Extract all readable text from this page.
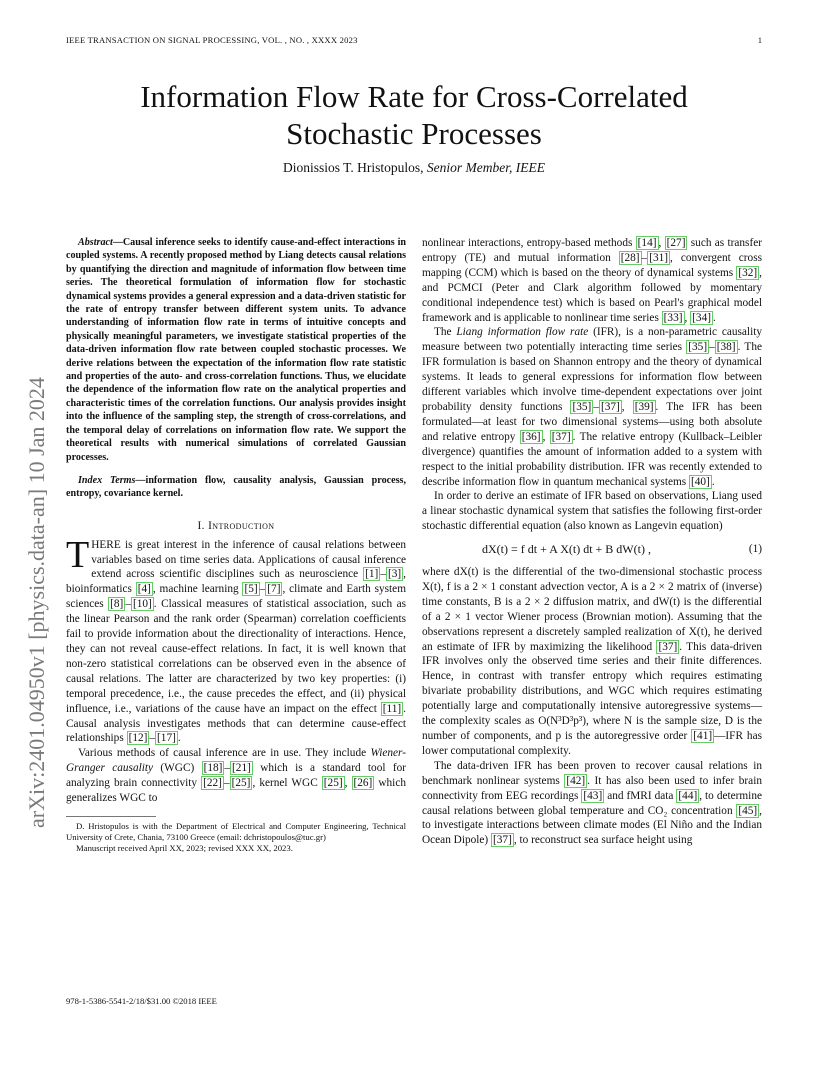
IEEE TRANSACTION ON SIGNAL PROCESSING, VOL. , NO. , XXXX 2023	1
arXiv:2401.04950v1 [physics.data-an] 10 Jan 2024
Information Flow Rate for Cross-Correlated
Stochastic Processes
Dionissios T. Hristopulos, Senior Member, IEEE

Abstract—Causal inference seeks to identify cause-and-effect interactions in coupled systems. A recently proposed method by Liang detects causal relations by quantifying the direction and magnitude of information flow between time series. The theoretical formulation of information flow for stochastic dynamical systems provides a general expression and a data-driven statistic for the rate of entropy transfer between different system units. To advance understanding of information flow rate in terms of intuitive concepts and physically meaningful parameters, we investigate statistical properties of the data-driven information flow rate between coupled stochastic processes. We derive relations between the expectation of the information flow rate statistic and properties of the auto- and cross-correlation functions. Thus, we elucidate the dependence of the information flow rate on the analytical properties and characteristic times of the correlation functions. Our analysis provides insight into the influence of the sampling step, the strength of cross-correlations, and the temporal delay of correlations on information flow rate. We support the theoretical results with numerical simulations of correlated Gaussian processes.

Index Terms—information flow, causality analysis, Gaussian process, entropy, covariance kernel.

I. Introduction

THERE is great interest in the inference of causal relations between variables based on time series data. Applications of causal inference extend across scientific disciplines such as neuroscience [1] – [3] , bioinformatics [4] , machine learning [5] – [7] , climate and Earth system sciences [8] – [10] . Classical measures of statistical association, such as the linear Pearson and the rank order (Spearman) correlation coefficients fail to provide information about the directionality of interactions. Hence, they can not reveal cause-effect relations. In fact, it is well known that non-zero statistical correlations can be observed even in the absence of causal relations. The latter are characterized by two key properties: (i) temporal precedence, i.e., the cause precedes the effect, and (ii) physical influence, i.e., variations of the cause have an impact on the effect [11] . Causal analysis investigates methods that can determine cause-effect relationships [12] – [17] .

Various methods of causal inference are in use. They include Wiener-Granger causality (WGC) [18] – [21] which is a standard tool for analyzing brain connectivity [22] – [25] , kernel WGC [25] , [26] which generalizes WGC to

D. Hristopulos is with the Department of Electrical and Computer Engineering, Technical University of Crete, Chania, 73100 Greece (email: dchristopoulos@tuc.gr)

Manuscript received April XX, 2023; revised XXX XX, 2023.

nonlinear interactions, entropy-based methods [14] , [27] such as transfer entropy (TE) and mutual information [28] – [31] , convergent cross mapping (CCM) which is based on the theory of dynamical systems [32] , and PCMCI (Peter and Clark algorithm followed by momentary conditional independence test) which is based on Pearl's graphical model framework and is applicable to nonlinear time series [33] , [34] .

The Liang information flow rate (IFR), is a non-parametric causality measure between two potentially interacting time series [35] – [38] . The IFR formulation is based on Shannon entropy and the theory of dynamical systems. It leads to general expressions for information flow between different variables which involve time-dependent expectations over joint probability density functions [35] – [37] , [39] . The IFR has been formulated—at least for two dimensional systems—using both absolute and relative entropy [36] , [37] . The relative entropy (Kullback–Leibler divergence) quantifies the amount of information added to a system with respect to the initial probability distribution. IFR was recently extended to describe information flow in quantum mechanical systems [40] .

In order to derive an estimate of IFR based on observations, Liang used a linear stochastic dynamical system that satisfies the following first-order stochastic differential equation (also known as Langevin equation)

dX(t) = f dt + A X(t) dt + B dW(t) ,	(1)

where dX(t) is the differential of the two-dimensional stochastic process X(t), f is a 2 × 1 constant advection vector, A is a 2 × 2 matrix of (inverse) time constants, B is a 2 × 2 diffusion matrix, and dW(t) is the differential of a 2 × 1 vector Wiener process (Brownian motion). Assuming that the observations represent a discretely sampled realization of X(t), he derived an estimate of IFR by maximizing the likelihood [37] . This data-driven IFR involves only the observed time series and their finite differences. Hence, in contrast with transfer entropy which requires estimating bivariate probability distributions, and WGC which requires estimating potentially large and computationally intensive autoregressive systems—the complexity scales as O(N³D³p³), where N is the sample size, D is the number of components, and p is the autoregressive order [41] —IFR has lower computational complexity.

The data-driven IFR has been proven to recover causal relations in benchmark nonlinear systems [42] . It has also been used to infer brain connectivity from EEG recordings [43] and fMRI data [44] , to determine causal relations between global temperature and CO₂ concentration [45] , to investigate interactions between climate modes (El Niño and the Indian Ocean Dipole) [37] , to reconstruct sea surface height using

978-1-5386-5541-2/18/$31.00 ©2018 IEEE
